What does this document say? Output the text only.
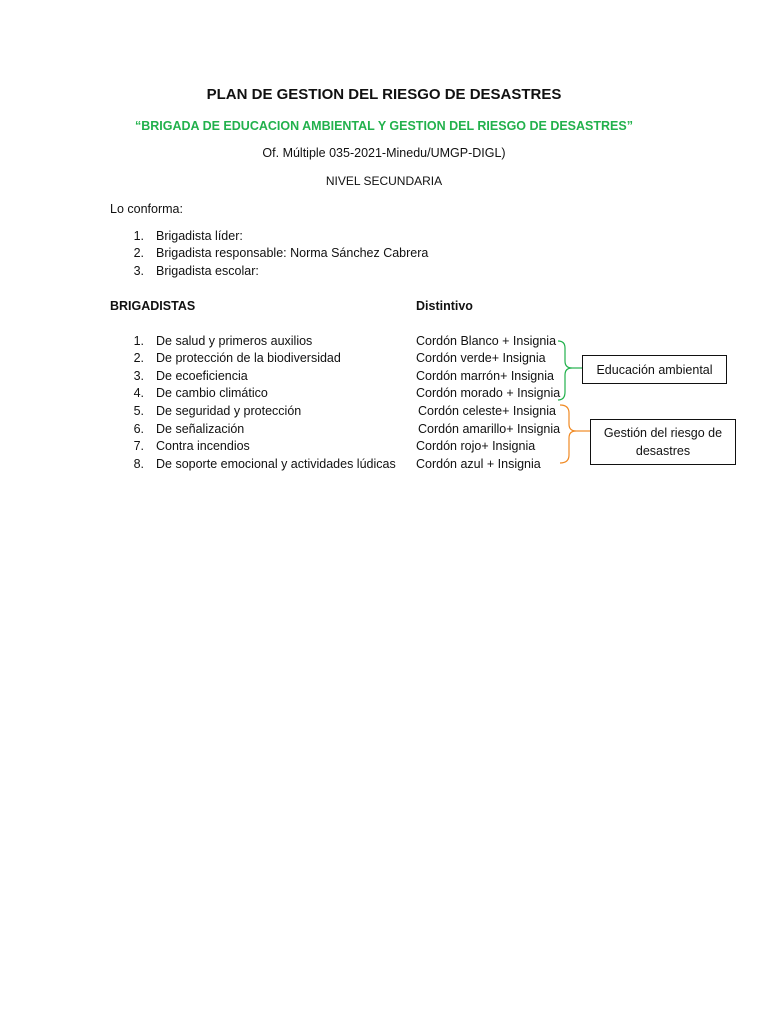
PLAN DE GESTION DEL RIESGO DE DESASTRES
“BRIGADA DE EDUCACION AMBIENTAL Y GESTION DEL RIESGO DE DESASTRES”
Of. Múltiple 035-2021-Minedu/UMGP-DIGL)
NIVEL SECUNDARIA
Lo conforma:
1. Brigadista líder:
2. Brigadista responsable: Norma Sánchez Cabrera
3. Brigadista escolar:
BRIGADISTAS	Distintivo
1. De salud y primeros auxilios	Cordón Blanco + Insignia
2. De protección de la biodiversidad	Cordón verde+ Insignia
3. De ecoeficiencia	Cordón marrón+ Insignia
4. De cambio climático	Cordón morado + Insignia
5. De seguridad y protección	Cordón celeste+ Insignia
6. De señalización	Cordón amarillo+ Insignia
7. Contra incendios	Cordón rojo+ Insignia
8. De soporte emocional y actividades lúdicas Cordón azul + Insignia
Educación ambiental
Gestión del riesgo de desastres
